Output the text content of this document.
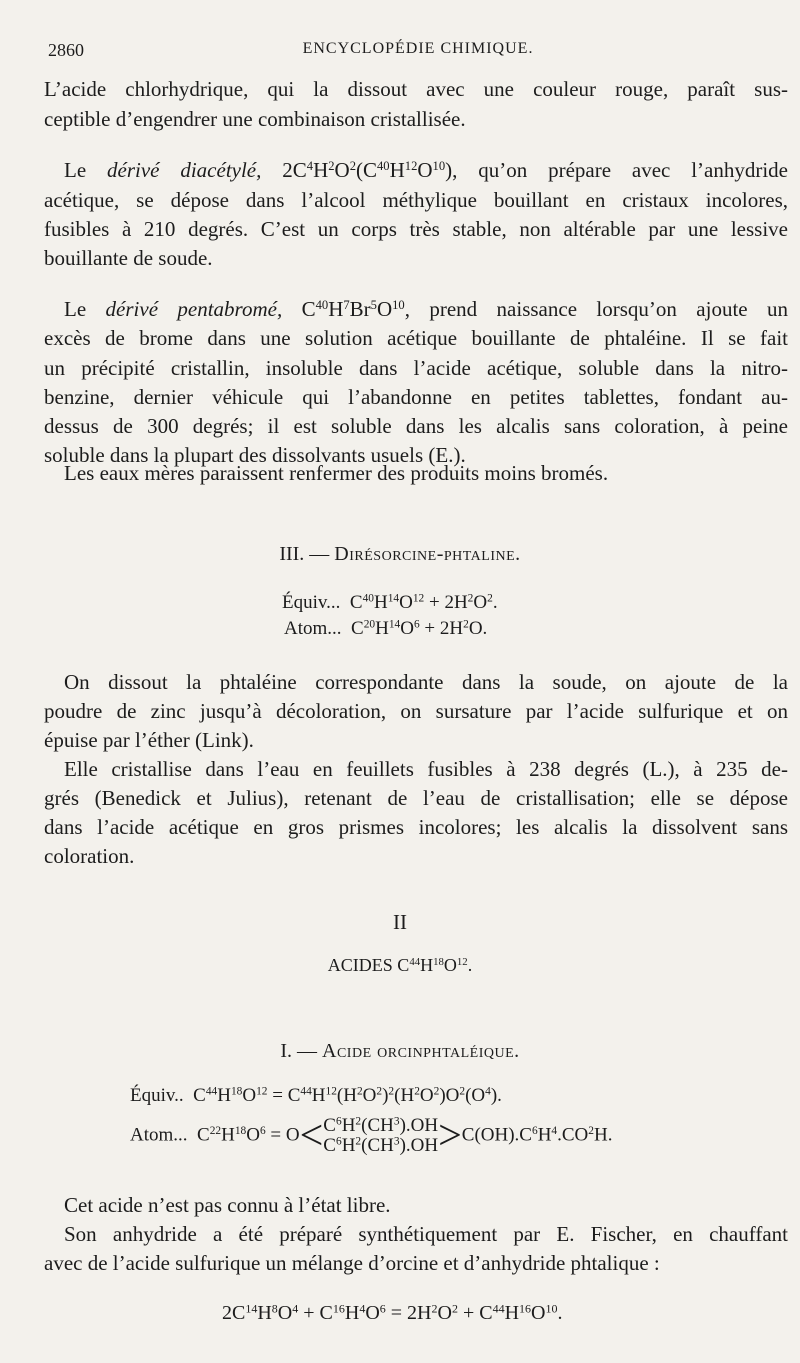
2860	ENCYCLOPÉDIE CHIMIQUE.
L’acide chlorhydrique, qui la dissout avec une couleur rouge, paraît sus-
ceptible d’engendrer une combinaison cristallisée.
Le dérivé diacétylé, $2C^4H^2O^2(C^{40}H^{12}O^{10})$, qu’on prépare avec l’anhydride
acétique, se dépose dans l’alcool méthylique bouillant en cristaux incolores,
fusibles à 210 degrés. C’est un corps très stable, non altérable par une lessive
bouillante de soude.
Le dérivé pentabromé, $C^{40}H^7Br^5O^{10}$, prend naissance lorsqu’on ajoute un
excès de brome dans une solution acétique bouillante de phtaléine. Il se fait
un précipité cristallin, insoluble dans l’acide acétique, soluble dans la nitro-
benzine, dernier véhicule qui l’abandonne en petites tablettes, fondant au-
dessus de 300 degrés; il est soluble dans les alcalis sans coloration, à peine
soluble dans la plupart des dissolvants usuels (E.).
Les eaux mères paraissent renfermer des produits moins bromés.
III. — Dirésorcine-phtaline.
Équiv...  $C^{40}H^{14}O^{12} + 2H^2O^2$.
Atom...  $C^{20}H^{14}O^6 + 2H^2O$.
On dissout la phtaléine correspondante dans la soude, on ajoute de la
poudre de zinc jusqu’à décoloration, on sursature par l’acide sulfurique et on
épuise par l’éther (Link).
Elle cristallise dans l’eau en feuillets fusibles à 238 degrés (L.), à 235 de-
grés (Benedick et Julius), retenant de l’eau de cristallisation; elle se dépose
dans l’acide acétique en gros prismes incolores; les alcalis la dissolvent sans
coloration.
II
ACIDES $C^{44}H^{18}O^{12}$.
I. — Acide orcinphtaléique.
Équiv..  $C^{44}H^{18}O^{12} = C^{44}H^{12}(H^2O^2)^2(H^2O^2)O^2(O^4)$.
Atom...  $C^{22}H^{18}O^6 = O< C^6H^2(CH^3).OH$
$C^6H^2(CH^3).OH >C(OH).C^6H^4.CO^2H$.
Cet acide n’est pas connu à l’état libre.
Son anhydride a été préparé synthétiquement par E. Fischer, en chauffant
avec de l’acide sulfurique un mélange d’orcine et d’anhydride phtalique :
$2C^{14}H^8O^4 + C^{16}H^4O^6 = 2H^2O^2 + C^{44}H^{16}O^{10}$.
